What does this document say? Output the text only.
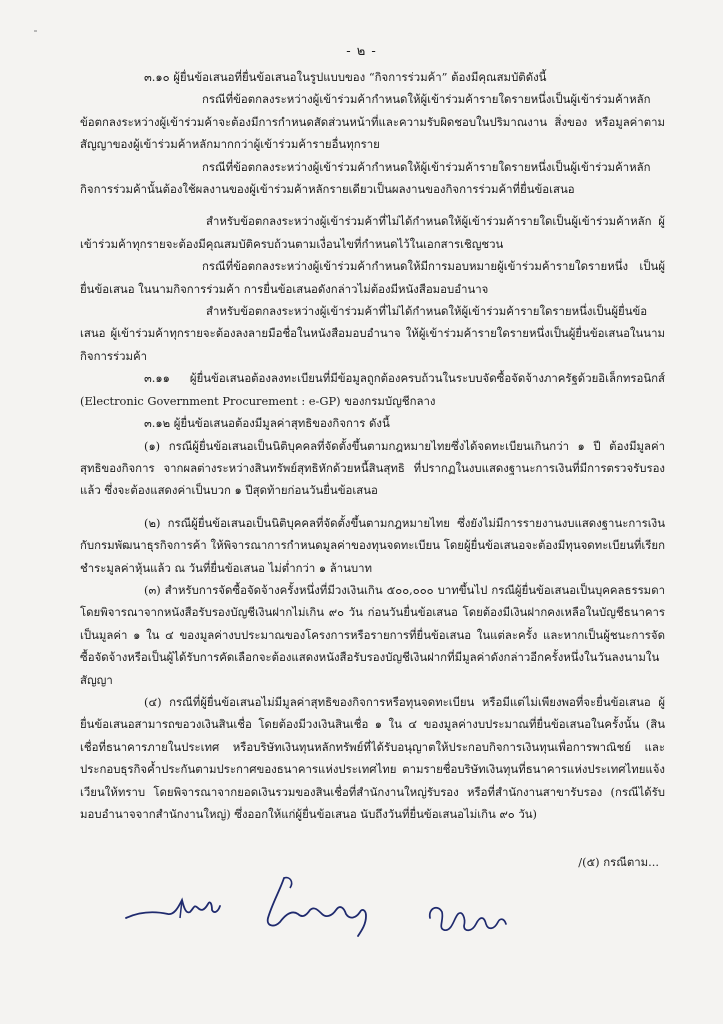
- ๒ -

๓.๑๐ ผู้ยื่นข้อเสนอที่ยื่นข้อเสนอในรูปแบบของ “กิจการร่วมค้า” ต้องมีคุณสมบัติดังนี้

กรณีที่ข้อตกลงระหว่างผู้เข้าร่วมค้ากำหนดให้ผู้เข้าร่วมค้ารายใดรายหนึ่งเป็นผู้เข้าร่วมค้าหลัก ข้อตกลงระหว่างผู้เข้าร่วมค้าจะต้องมีการกำหนดสัดส่วนหน้าที่และความรับผิดชอบในปริมาณงาน สิ่งของ หรือมูลค่าตามสัญญาของผู้เข้าร่วมค้าหลักมากกว่าผู้เข้าร่วมค้ารายอื่นทุกราย

กรณีที่ข้อตกลงระหว่างผู้เข้าร่วมค้ากำหนดให้ผู้เข้าร่วมค้ารายใดรายหนึ่งเป็นผู้เข้าร่วมค้าหลัก กิจการร่วมค้านั้นต้องใช้ผลงานของผู้เข้าร่วมค้าหลักรายเดียวเป็นผลงานของกิจการร่วมค้าที่ยื่นข้อเสนอ

สำหรับข้อตกลงระหว่างผู้เข้าร่วมค้าที่ไม่ได้กำหนดให้ผู้เข้าร่วมค้ารายใดเป็นผู้เข้าร่วมค้าหลัก ผู้เข้าร่วมค้าทุกรายจะต้องมีคุณสมบัติครบถ้วนตามเงื่อนไขที่กำหนดไว้ในเอกสารเชิญชวน

กรณีที่ข้อตกลงระหว่างผู้เข้าร่วมค้ากำหนดให้มีการมอบหมายผู้เข้าร่วมค้ารายใดรายหนึ่ง เป็นผู้ยื่นข้อเสนอ ในนามกิจการร่วมค้า การยื่นข้อเสนอดังกล่าวไม่ต้องมีหนังสือมอบอำนาจ

สำหรับข้อตกลงระหว่างผู้เข้าร่วมค้าที่ไม่ได้กำหนดให้ผู้เข้าร่วมค้ารายใดรายหนึ่งเป็นผู้ยื่นข้อเสนอ ผู้เข้าร่วมค้าทุกรายจะต้องลงลายมือชื่อในหนังสือมอบอำนาจ ให้ผู้เข้าร่วมค้ารายใดรายหนึ่งเป็นผู้ยื่นข้อเสนอในนามกิจการร่วมค้า

๓.๑๑ ผู้ยื่นข้อเสนอต้องลงทะเบียนที่มีข้อมูลถูกต้องครบถ้วนในระบบจัดซื้อจัดจ้างภาครัฐด้วยอิเล็กทรอนิกส์ (Electronic Government Procurement : e-GP) ของกรมบัญชีกลาง

๓.๑๒ ผู้ยื่นข้อเสนอต้องมีมูลค่าสุทธิของกิจการ ดังนี้

(๑) กรณีผู้ยื่นข้อเสนอเป็นนิติบุคคลที่จัดตั้งขึ้นตามกฎหมายไทยซึ่งได้จดทะเบียนเกินกว่า ๑ ปี ต้องมีมูลค่าสุทธิของกิจการ จากผลต่างระหว่างสินทรัพย์สุทธิหักด้วยหนี้สินสุทธิ ที่ปรากฏในงบแสดงฐานะการเงินที่มีการตรวจรับรองแล้ว ซึ่งจะต้องแสดงค่าเป็นบวก ๑ ปีสุดท้ายก่อนวันยื่นข้อเสนอ

(๒) กรณีผู้ยื่นข้อเสนอเป็นนิติบุคคลที่จัดตั้งขึ้นตามกฎหมายไทย ซึ่งยังไม่มีการรายงานงบแสดงฐานะการเงินกับกรมพัฒนาธุรกิจการค้า ให้พิจารณาการกำหนดมูลค่าของทุนจดทะเบียน โดยผู้ยื่นข้อเสนอจะต้องมีทุนจดทะเบียนที่เรียกชำระมูลค่าหุ้นแล้ว ณ วันที่ยื่นข้อเสนอ ไม่ต่ำกว่า ๑ ล้านบาท

(๓) สำหรับการจัดซื้อจัดจ้างครั้งหนึ่งที่มีวงเงินเกิน ๕๐๐,๐๐๐ บาทขึ้นไป กรณีผู้ยื่นข้อเสนอเป็นบุคคลธรรมดา โดยพิจารณาจากหนังสือรับรองบัญชีเงินฝากไม่เกิน ๙๐ วัน ก่อนวันยื่นข้อเสนอ โดยต้องมีเงินฝากคงเหลือในบัญชีธนาคารเป็นมูลค่า ๑ ใน ๔ ของมูลค่างบประมาณของโครงการหรือรายการที่ยื่นข้อเสนอ ในแต่ละครั้ง และหากเป็นผู้ชนะการจัดซื้อจัดจ้างหรือเป็นผู้ได้รับการคัดเลือกจะต้องแสดงหนังสือรับรองบัญชีเงินฝากที่มีมูลค่าดังกล่าวอีกครั้งหนึ่งในวันลงนามในสัญญา

(๔) กรณีที่ผู้ยื่นข้อเสนอไม่มีมูลค่าสุทธิของกิจการหรือทุนจดทะเบียน หรือมีแต่ไม่เพียงพอที่จะยื่นข้อเสนอ ผู้ยื่นข้อเสนอสามารถขอวงเงินสินเชื่อ โดยต้องมีวงเงินสินเชื่อ ๑ ใน ๔ ของมูลค่างบประมาณที่ยื่นข้อเสนอในครั้งนั้น (สินเชื่อที่ธนาคารภายในประเทศ หรือบริษัทเงินทุนหลักทรัพย์ที่ได้รับอนุญาตให้ประกอบกิจการเงินทุนเพื่อการพาณิชย์ และประกอบธุรกิจค้ำประกันตามประกาศของธนาคารแห่งประเทศไทย ตามรายชื่อบริษัทเงินทุนที่ธนาคารแห่งประเทศไทยแจ้งเวียนให้ทราบ โดยพิจารณาจากยอดเงินรวมของสินเชื่อที่สำนักงานใหญ่รับรอง หรือที่สำนักงานสาขารับรอง (กรณีได้รับมอบอำนาจจากสำนักงานใหญ่) ซึ่งออกให้แก่ผู้ยื่นข้อเสนอ นับถึงวันที่ยื่นข้อเสนอไม่เกิน ๙๐ วัน)

/(๕) กรณีตาม...
